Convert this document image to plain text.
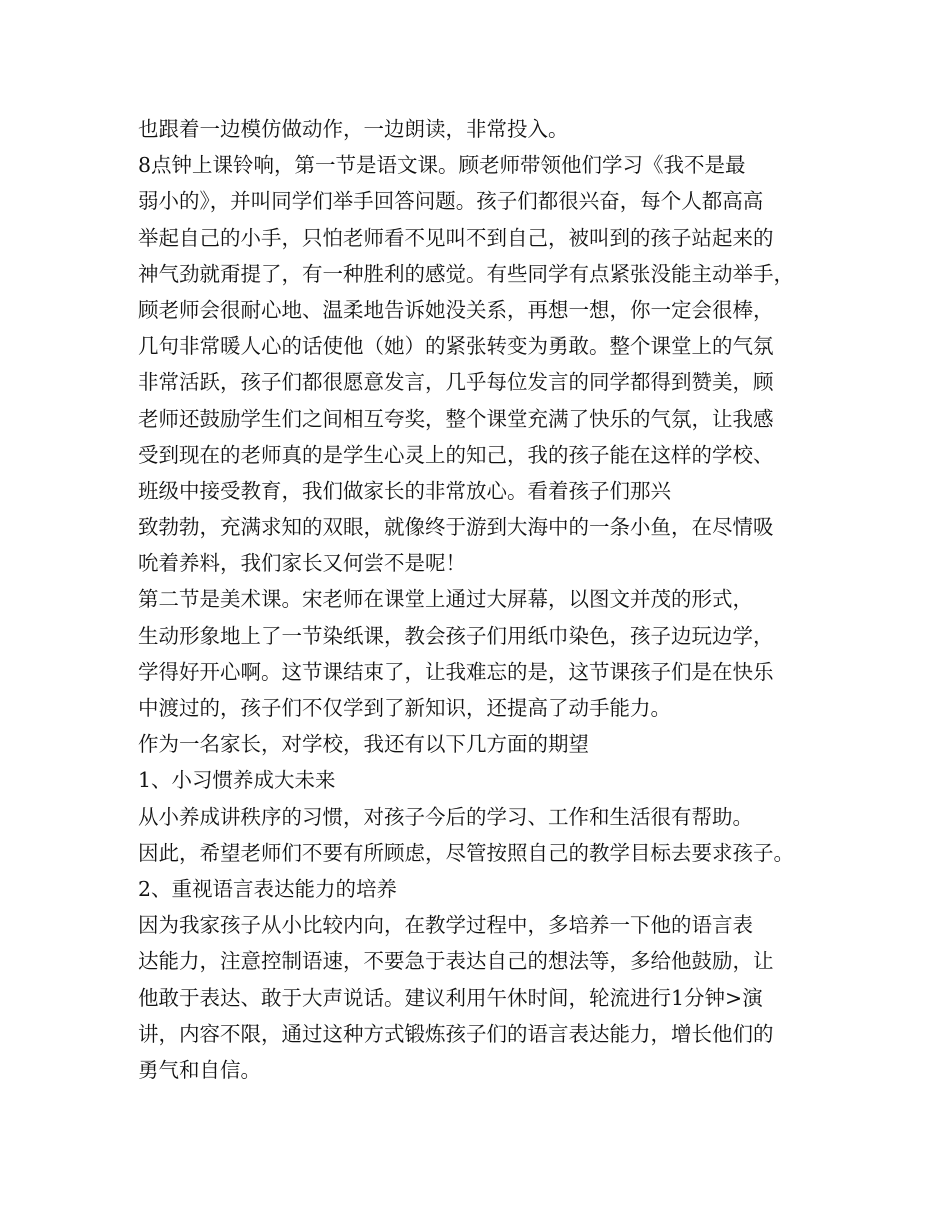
也跟着一边模仿做动作，一边朗读，非常投入。
8点钟上课铃响，第一节是语文课。顾老师带领他们学习《我不是最
弱小的》，并叫同学们举手回答问题。孩子们都很兴奋，每个人都高高
举起自己的小手，只怕老师看不见叫不到自己，被叫到的孩子站起来的
神气劲就甭提了，有一种胜利的感觉。有些同学有点紧张没能主动举手，
顾老师会很耐心地、温柔地告诉她没关系，再想一想，你一定会很棒，
几句非常暖人心的话使他（她）的紧张转变为勇敢。整个课堂上的气氛
非常活跃，孩子们都很愿意发言，几乎每位发言的同学都得到赞美，顾
老师还鼓励学生们之间相互夸奖，整个课堂充满了快乐的气氛，让我感
受到现在的老师真的是学生心灵上的知己，我的孩子能在这样的学校、
班级中接受教育，我们做家长的非常放心。看着孩子们那兴
致勃勃，充满求知的双眼，就像终于游到大海中的一条小鱼，在尽情吸
吮着养料，我们家长又何尝不是呢！
第二节是美术课。宋老师在课堂上通过大屏幕，以图文并茂的形式，
生动形象地上了一节染纸课，教会孩子们用纸巾染色，孩子边玩边学，
学得好开心啊。这节课结束了，让我难忘的是，这节课孩子们是在快乐
中渡过的，孩子们不仅学到了新知识，还提高了动手能力。
作为一名家长，对学校，我还有以下几方面的期望
1、小习惯养成大未来
从小养成讲秩序的习惯，对孩子今后的学习、工作和生活很有帮助。
因此，希望老师们不要有所顾虑，尽管按照自己的教学目标去要求孩子。
2、重视语言表达能力的培养
因为我家孩子从小比较内向，在教学过程中，多培养一下他的语言表
达能力，注意控制语速，不要急于表达自己的想法等，多给他鼓励，让
他敢于表达、敢于大声说话。建议利用午休时间，轮流进行1分钟>演
讲，内容不限，通过这种方式锻炼孩子们的语言表达能力，增长他们的
勇气和自信。
